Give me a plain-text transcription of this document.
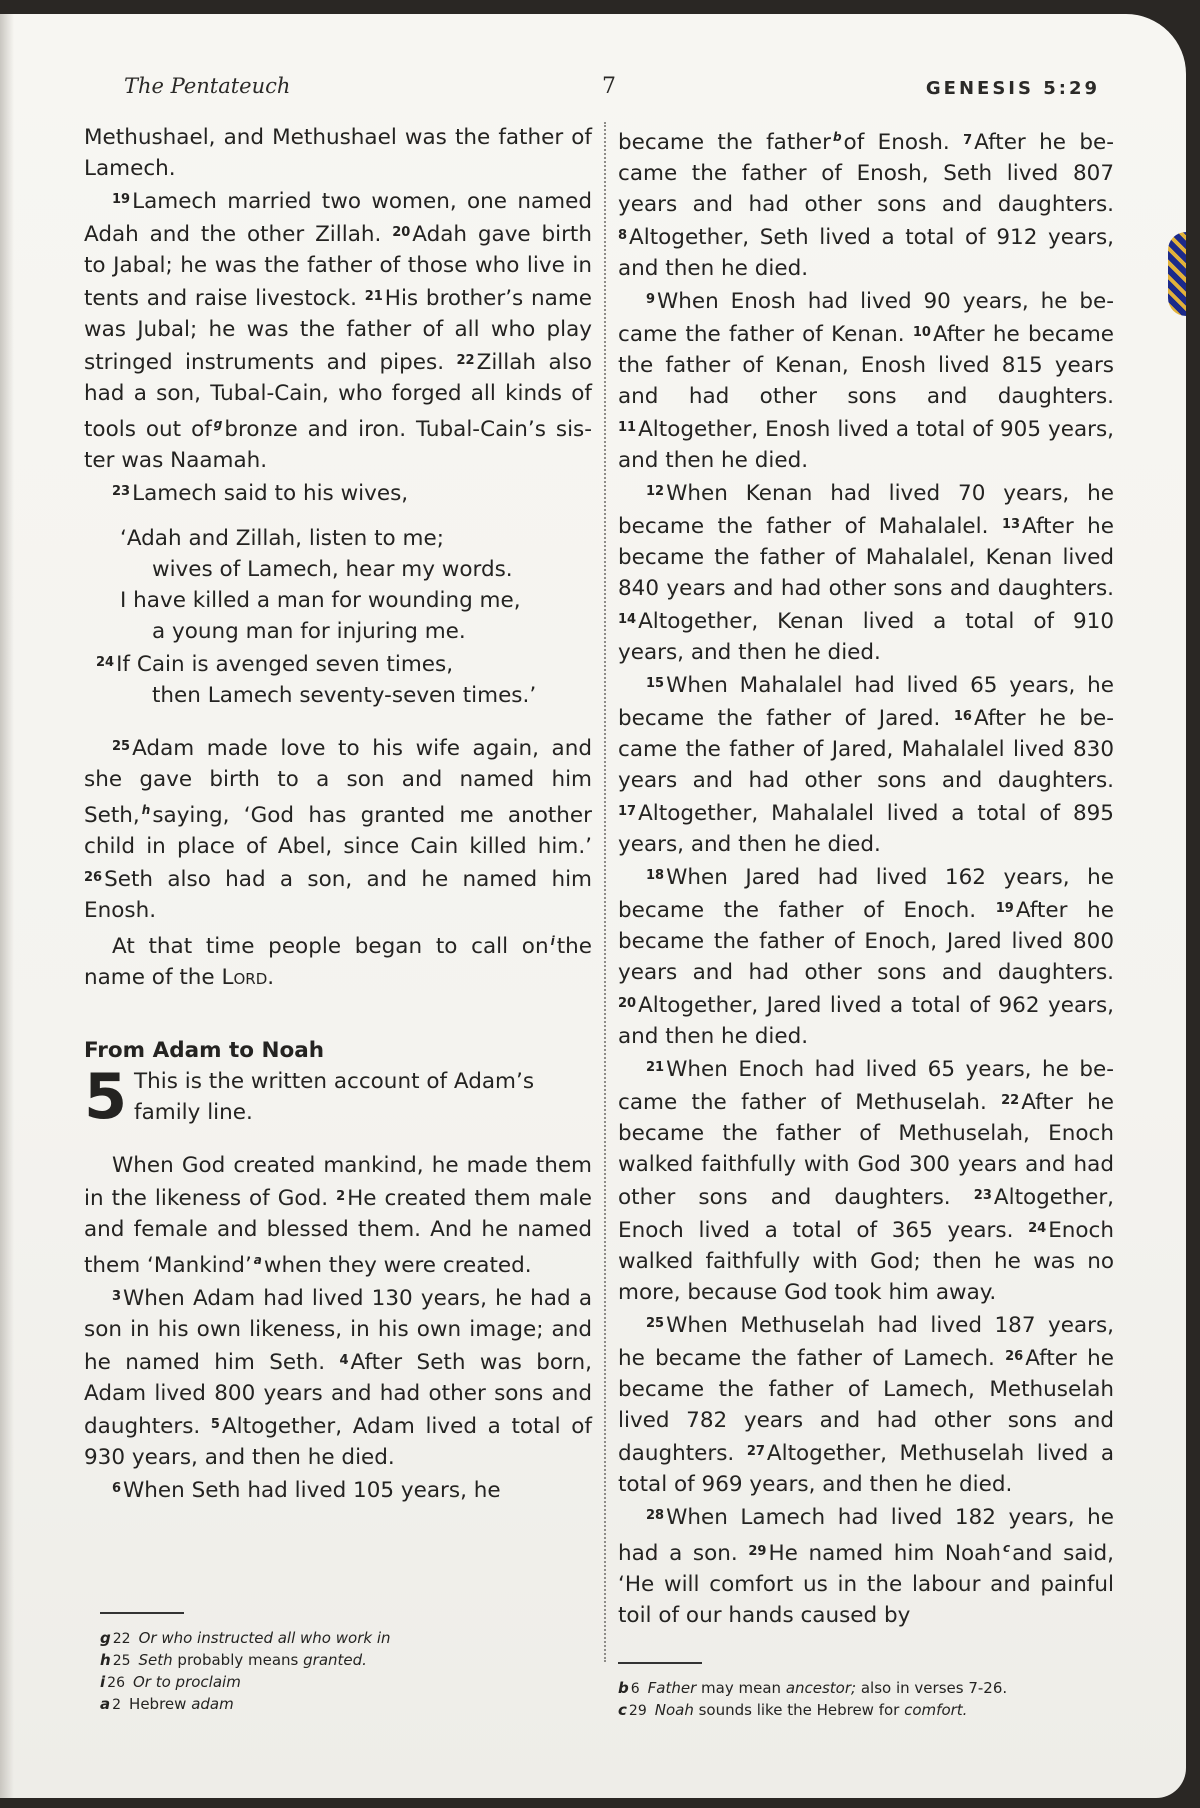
The Pentateuch	7	GENESIS 5:29

Methushael, and Methushael was the father of Lamech.

$^{19}$Lamech married two women, one named Adah and the other Zillah. $^{20}$Adah gave birth to Jabal; he was the father of those who live in tents and raise livestock. $^{21}$His brother’s name was Jubal; he was the father of all who play stringed instruments and pipes. $^{22}$Zillah also had a son, Tubal-Cain, who forged all kinds of tools out of $^g$bronze and iron. Tubal-Cain’s sister was Naamah.

$^{23}$Lamech said to his wives,

‘Adah and Zillah, listen to me;
wives of Lamech, hear my words.
I have killed a man for wounding me,
a young man for injuring me.
$^{24}$If Cain is avenged seven times,
then Lamech seventy-seven times.’

$^{25}$Adam made love to his wife again, and she gave birth to a son and named him Seth, $^h$saying, ‘God has granted me another child in place of Abel, since Cain killed him.’ $^{26}$Seth also had a son, and he named him Enosh.

At that time people began to call on $^i$the name of the Lord.

From Adam to Noah
5 This is the written account of Adam’s family line.

When God created mankind, he made them in the likeness of God. $^2$He created them male and female and blessed them. And he named them ‘Mankind’ $^a$when they were created.

$^3$When Adam had lived 130 years, he had a son in his own likeness, in his own image; and he named him Seth. $^4$After Seth was born, Adam lived 800 years and had other sons and daughters. $^5$Altogether, Adam lived a total of 930 years, and then he died.

$^6$When Seth had lived 105 years, he

became the father $^b$of Enosh. $^7$After he became the father of Enosh, Seth lived 807 years and had other sons and daughters. $^8$Altogether, Seth lived a total of 912 years, and then he died.

$^9$When Enosh had lived 90 years, he became the father of Kenan. $^{10}$After he became the father of Kenan, Enosh lived 815 years and had other sons and daughters. $^{11}$Altogether, Enosh lived a total of 905 years, and then he died.

$^{12}$When Kenan had lived 70 years, he became the father of Mahalalel. $^{13}$After he became the father of Mahalalel, Kenan lived 840 years and had other sons and daughters. $^{14}$Altogether, Kenan lived a total of 910 years, and then he died.

$^{15}$When Mahalalel had lived 65 years, he became the father of Jared. $^{16}$After he became the father of Jared, Mahalalel lived 830 years and had other sons and daughters. $^{17}$Altogether, Mahalalel lived a total of 895 years, and then he died.

$^{18}$When Jared had lived 162 years, he became the father of Enoch. $^{19}$After he became the father of Enoch, Jared lived 800 years and had other sons and daughters. $^{20}$Altogether, Jared lived a total of 962 years, and then he died.

$^{21}$When Enoch had lived 65 years, he became the father of Methuselah. $^{22}$After he became the father of Methuselah, Enoch walked faithfully with God 300 years and had other sons and daughters. $^{23}$Altogether, Enoch lived a total of 365 years. $^{24}$Enoch walked faithfully with God; then he was no more, because God took him away.

$^{25}$When Methuselah had lived 187 years, he became the father of Lamech. $^{26}$After he became the father of Lamech, Methuselah lived 782 years and had other sons and daughters. $^{27}$Altogether, Methuselah lived a total of 969 years, and then he died.

$^{28}$When Lamech had lived 182 years, he had a son. $^{29}$He named him Noah $^c$and said, ‘He will comfort us in the labour and painful toil of our hands caused by

g 22 Or who instructed all who work in
h 25 Seth probably means granted.
i 26 Or to proclaim
a 2 Hebrew adam
b 6 Father may mean ancestor; also in verses 7-26.
c 29 Noah sounds like the Hebrew for comfort.
